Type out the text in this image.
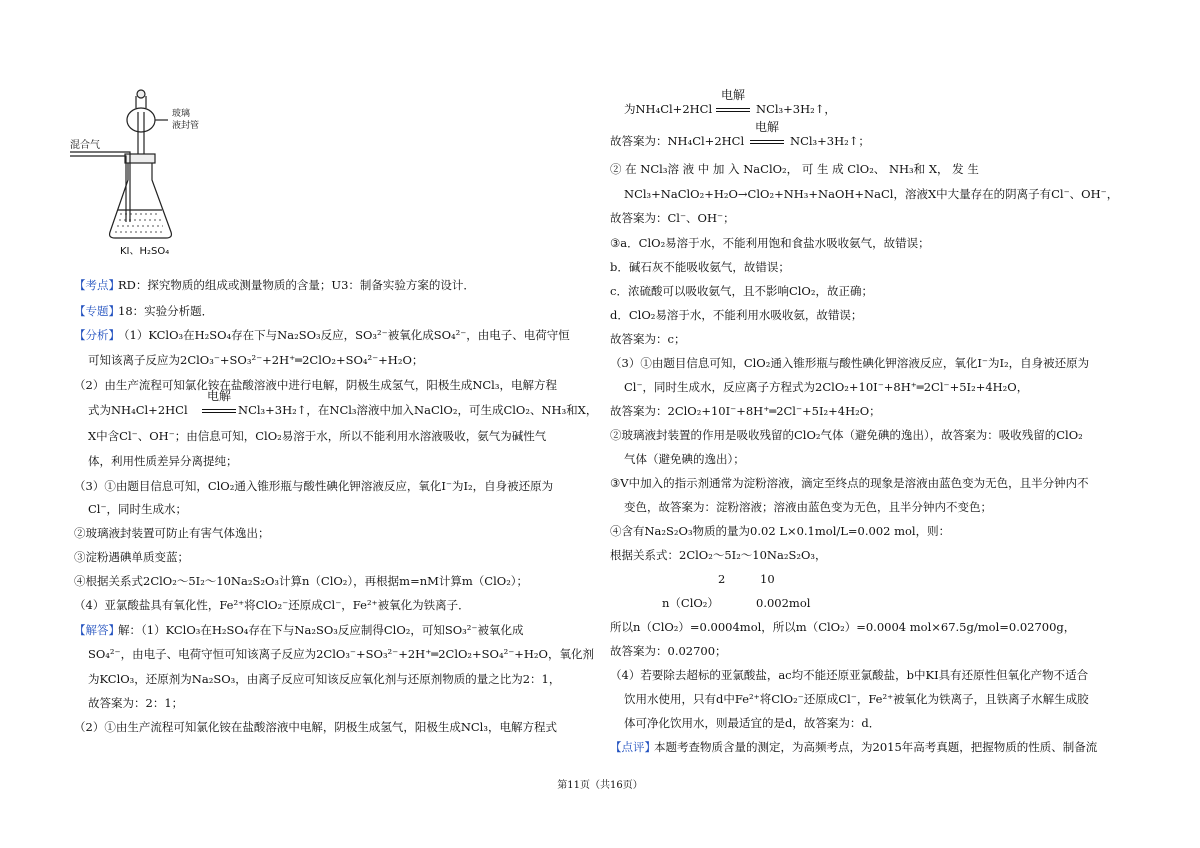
玻璃
液封管
混合气
KI、H₂SO₄
【考点】
RD：探究物质的组成或测量物质的含量；U3：制备实验方案的设计．
【专题】
18：实验分析题．
【分析】
（1）KClO₃在H₂SO₄存在下与Na₂SO₃反应，SO₃²⁻被氧化成SO₄²⁻，由电子、电荷守恒
可知该离子反应为2ClO₃⁻+SO₃²⁻+2H⁺═2ClO₂+SO₄²⁻+H₂O；
（2）由生产流程可知氯化铵在盐酸溶液中进行电解，阴极生成氢气，阳极生成NCl₃，电解方程
式为NH₄Cl+2HCl	NCl₃+3H₂↑，在NCl₃溶液中加入NaClO₂，可生成ClO₂、NH₃和X，
X中含Cl⁻、OH⁻；由信息可知，ClO₂易溶于水，所以不能利用水溶液吸收，氨气为碱性气
体，利用性质差异分离提纯；
（3）①由题目信息可知，ClO₂通入锥形瓶与酸性碘化钾溶液反应，氧化I⁻为I₂，自身被还原为
Cl⁻，同时生成水；
②玻璃液封装置可防止有害气体逸出；
③淀粉遇碘单质变蓝；
④根据关系式2ClO₂～5I₂～10Na₂S₂O₃计算n（ClO₂），再根据m=nM计算m（ClO₂）；
（4）亚氯酸盐具有氧化性，Fe²⁺将ClO₂⁻还原成Cl⁻，Fe²⁺被氧化为铁离子．
【解答】
解：（1）KClO₃在H₂SO₄存在下与Na₂SO₃反应制得ClO₂，可知SO₃²⁻被氧化成
SO₄²⁻，由电子、电荷守恒可知该离子反应为2ClO₃⁻+SO₃²⁻+2H⁺═2ClO₂+SO₄²⁻+H₂O，氧化剂
为KClO₃，还原剂为Na₂SO₃，由离子反应可知该反应氧化剂与还原剂物质的量之比为2：1，
故答案为：2：1；
（2）①由生产流程可知氯化铵在盐酸溶液中电解，阴极生成氢气，阳极生成NCl₃，电解方程式
电解
为NH₄Cl+2HCl	NCl₃+3H₂↑，
故答案为：NH₄Cl+2HCl	NCl₃+3H₂↑；
② 在 NCl₃溶 液 中 加 入 NaClO₂， 可 生 成 ClO₂、 NH₃和 X， 发 生
NCl₃+NaClO₂+H₂O→ClO₂+NH₃+NaOH+NaCl，溶液X中大量存在的阴离子有Cl⁻、OH⁻，
故答案为：Cl⁻、OH⁻；
③a．ClO₂易溶于水，不能利用饱和食盐水吸收氨气，故错误；
b．碱石灰不能吸收氨气，故错误；
c．浓硫酸可以吸收氨气，且不影响ClO₂，故正确；
d．ClO₂易溶于水，不能利用水吸收氨，故错误；
故答案为：c；
（3）①由题目信息可知，ClO₂通入锥形瓶与酸性碘化钾溶液反应，氧化I⁻为I₂，自身被还原为
Cl⁻，同时生成水，反应离子方程式为2ClO₂+10I⁻+8H⁺═2Cl⁻+5I₂+4H₂O，
故答案为：2ClO₂+10I⁻+8H⁺═2Cl⁻+5I₂+4H₂O；
②玻璃液封装置的作用是吸收残留的ClO₂气体（避免碘的逸出），故答案为：吸收残留的ClO₂
气体（避免碘的逸出）；
③V中加入的指示剂通常为淀粉溶液，滴定至终点的现象是溶液由蓝色变为无色，且半分钟内不
变色，故答案为：淀粉溶液；溶液由蓝色变为无色，且半分钟内不变色；
④含有Na₂S₂O₃物质的量为0.02 L×0.1mol/L=0.002 mol，则：
根据关系式：2ClO₂～5I₂～10Na₂S₂O₃，
2	10
n（ClO₂）	0.002mol
所以n（ClO₂）=0.0004mol，所以m（ClO₂）=0.0004 mol×67.5g/mol=0.02700g，
故答案为：0.02700；
（4）若要除去超标的亚氯酸盐，ac均不能还原亚氯酸盐，b中KI具有还原性但氧化产物不适合
饮用水使用，只有d中Fe²⁺将ClO₂⁻还原成Cl⁻，Fe²⁺被氧化为铁离子，且铁离子水解生成胶
体可净化饮用水，则最适宜的是d，故答案为：d．
【点评】
本题考查物质含量的测定，为高频考点，为2015年高考真题，把握物质的性质、制备流
电解
电解
第11页（共16页）
